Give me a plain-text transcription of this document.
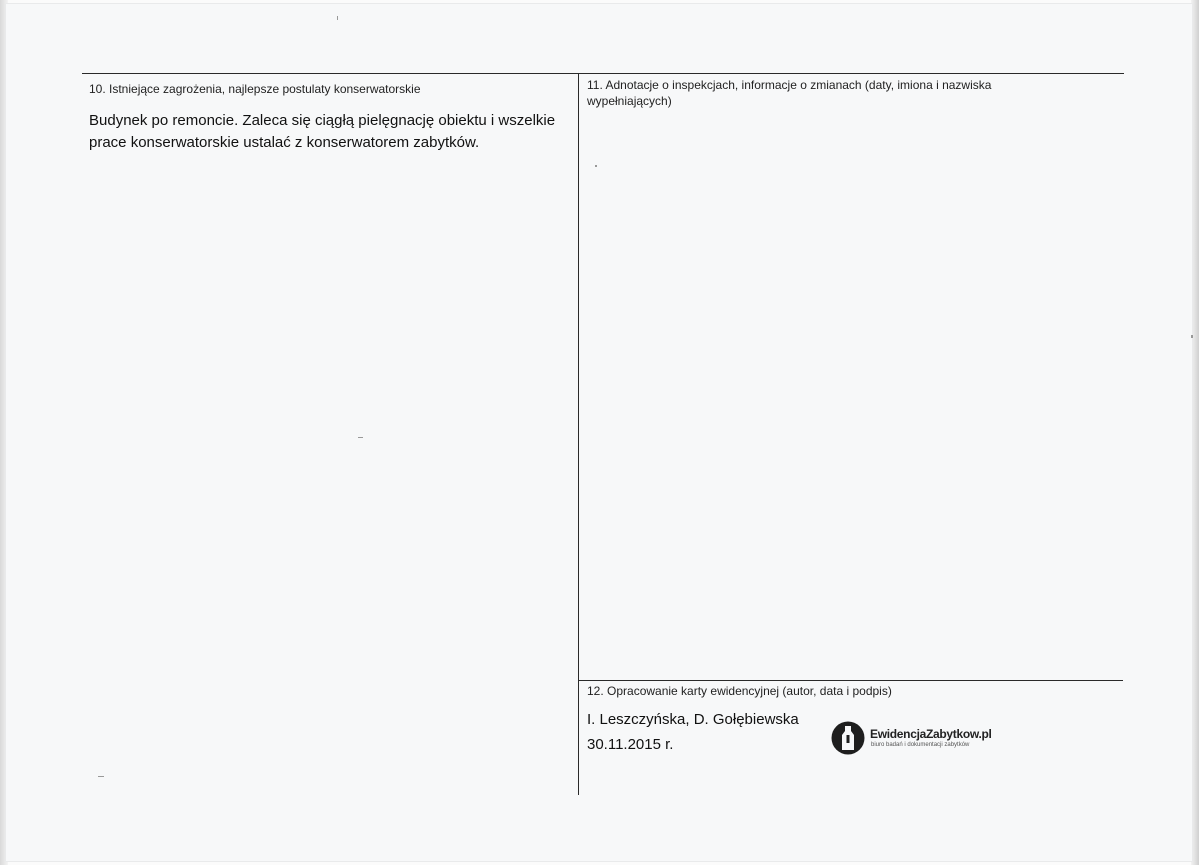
10. Istniejące zagrożenia, najlepsze postulaty konserwatorskie
Budynek po remoncie. Zaleca się ciągłą pielęgnację obiektu i wszelkie
prace konserwatorskie ustalać z konserwatorem zabytków.
11. Adnotacje o inspekcjach, informacje o zmianach (daty, imiona i nazwiska
wypełniających)
12. Opracowanie karty ewidencyjnej (autor, data i podpis)
I. Leszczyńska, D. Gołębiewska
30.11.2015 r.
EwidencjaZabytkow.pl
biuro badań i dokumentacji zabytków
